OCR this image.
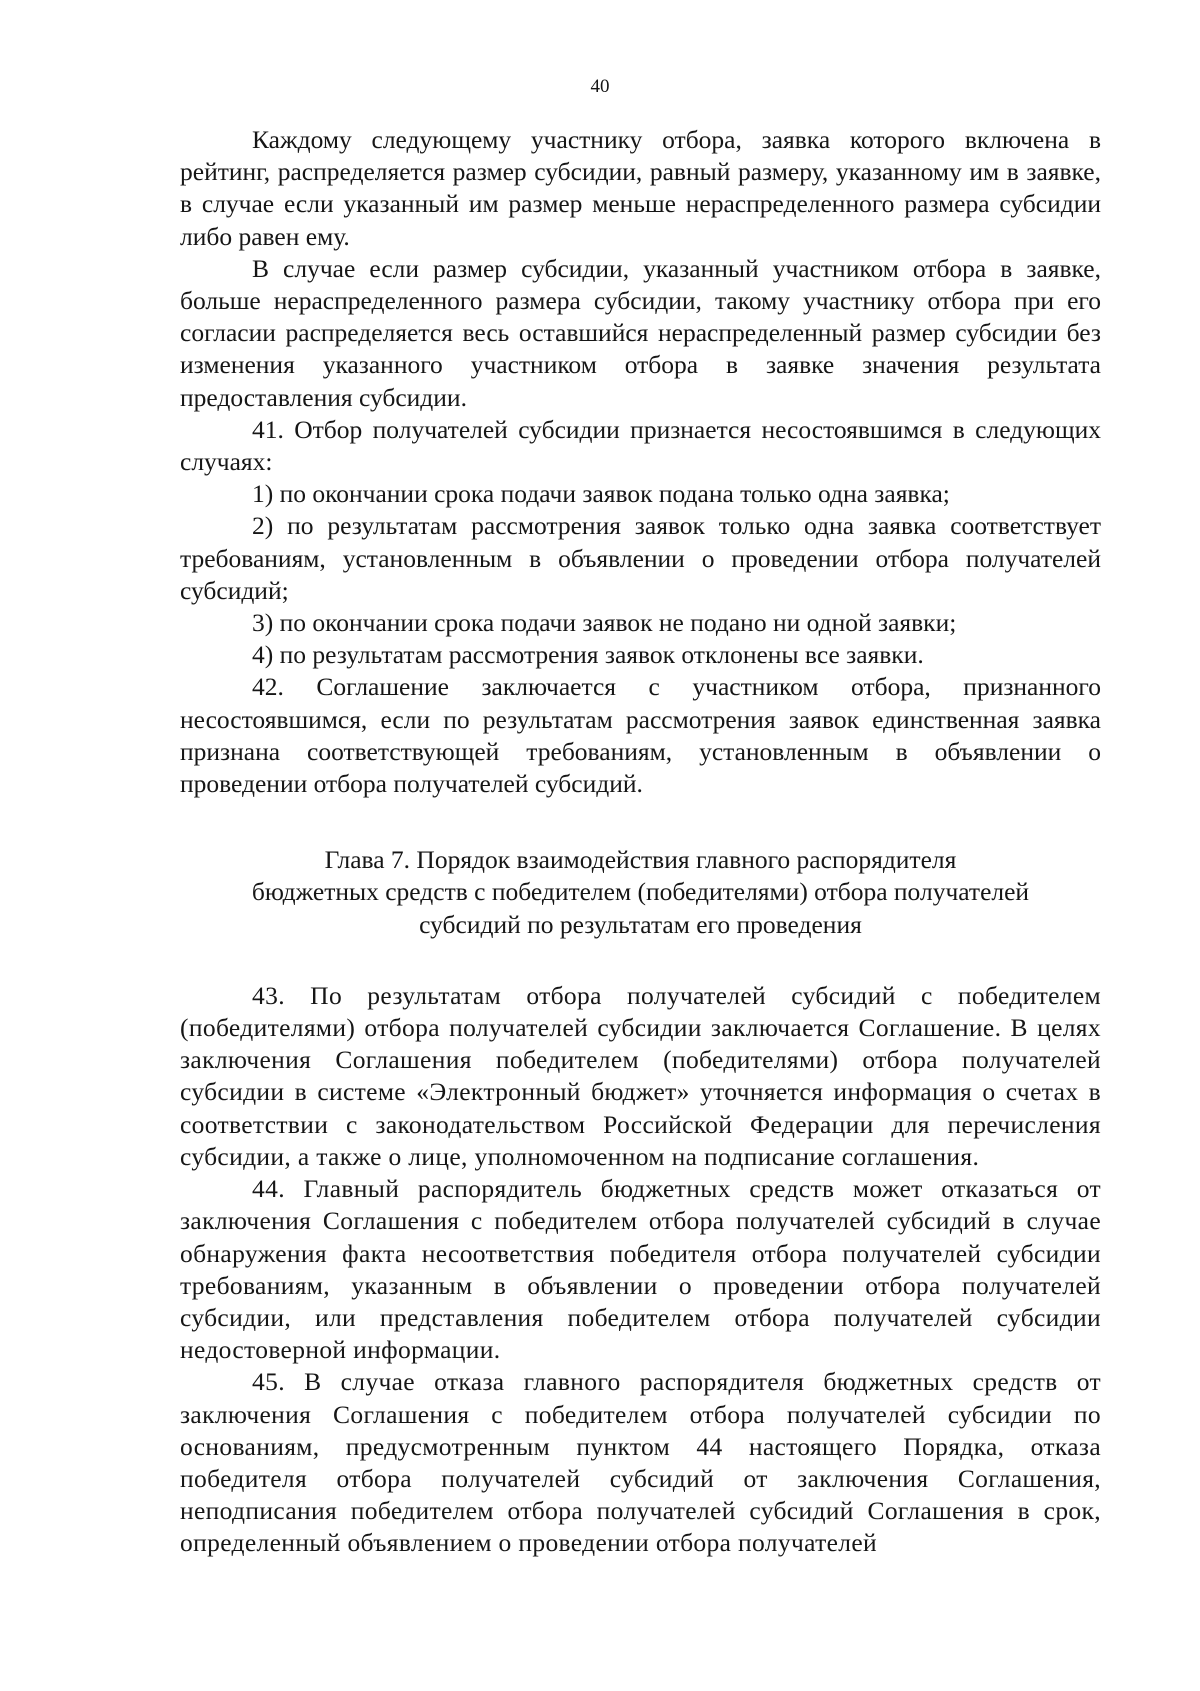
40

Каждому следующему участнику отбора, заявка которого включена в рейтинг, распределяется размер субсидии, равный размеру, указанному им в заявке, в случае если указанный им размер меньше нераспределенного размера субсидии либо равен ему.

В случае если размер субсидии, указанный участником отбора в заявке, больше нераспределенного размера субсидии, такому участнику отбора при его согласии распределяется весь оставшийся нераспределенный размер субсидии без изменения указанного участником отбора в заявке значения результата предоставления субсидии.

41. Отбор получателей субсидии признается несостоявшимся в следующих случаях:

1) по окончании срока подачи заявок подана только одна заявка;

2) по результатам рассмотрения заявок только одна заявка соответствует требованиям, установленным в объявлении о проведении отбора получателей субсидий;

3) по окончании срока подачи заявок не подано ни одной заявки;

4) по результатам рассмотрения заявок отклонены все заявки.

42. Соглашение заключается с участником отбора, признанного несостоявшимся, если по результатам рассмотрения заявок единственная заявка признана соответствующей требованиям, установленным в объявлении о проведении отбора получателей субсидий.

Глава 7. Порядок взаимодействия главного распорядителя
бюджетных средств с победителем (победителями) отбора получателей
субсидий по результатам его проведения

43. По результатам отбора получателей субсидий с победителем (победителями) отбора получателей субсидии заключается Соглашение. В целях заключения Соглашения победителем (победителями) отбора получателей субсидии в системе «Электронный бюджет» уточняется информация о счетах в соответствии с законодательством Российской Федерации для перечисления субсидии, а также о лице, уполномоченном на подписание соглашения.

44. Главный распорядитель бюджетных средств может отказаться от заключения Соглашения с победителем отбора получателей субсидий в случае обнаружения факта несоответствия победителя отбора получателей субсидии требованиям, указанным в объявлении о проведении отбора получателей субсидии, или представления победителем отбора получателей субсидии недостоверной информации.

45. В случае отказа главного распорядителя бюджетных средств от заключения Соглашения с победителем отбора получателей субсидии по основаниям, предусмотренным пунктом 44 настоящего Порядка, отказа победителя отбора получателей субсидий от заключения Соглашения, неподписания победителем отбора получателей субсидий Соглашения в срок, определенный объявлением о проведении отбора получателей
